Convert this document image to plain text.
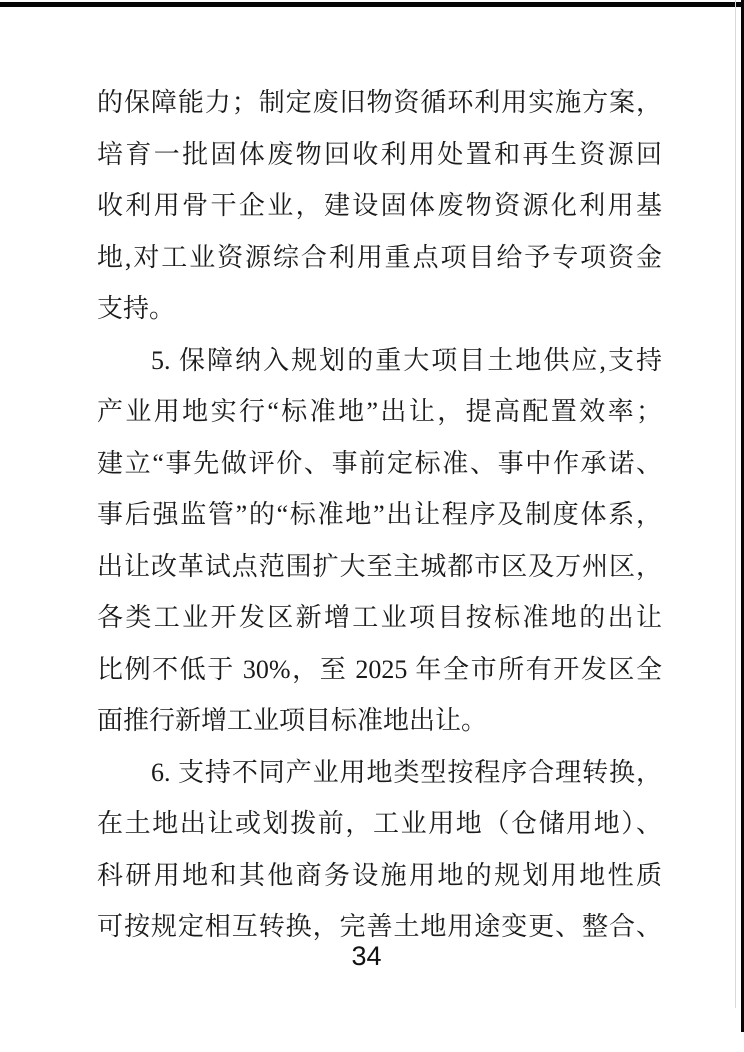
的保障能力；制定废旧物资循环利用实施方案，
培育一批固体废物回收利用处置和再生资源回
收利用骨干企业，建设固体废物资源化利用基
地,对工业资源综合利用重点项目给予专项资金
支持。
5. 保障纳入规划的重大项目土地供应,支持
产业用地实行“标准地”出让，提高配置效率；
建立“事先做评价、事前定标准、事中作承诺、
事后强监管”的“标准地”出让程序及制度体系，
出让改革试点范围扩大至主城都市区及万州区，
各类工业开发区新增工业项目按标准地的出让
比例不低于 30%，至 2025 年全市所有开发区全
面推行新增工业项目标准地出让。
6. 支持不同产业用地类型按程序合理转换，
在土地出让或划拨前，工业用地（仓储用地）、
科研用地和其他商务设施用地的规划用地性质
可按规定相互转换，完善土地用途变更、整合、
34
